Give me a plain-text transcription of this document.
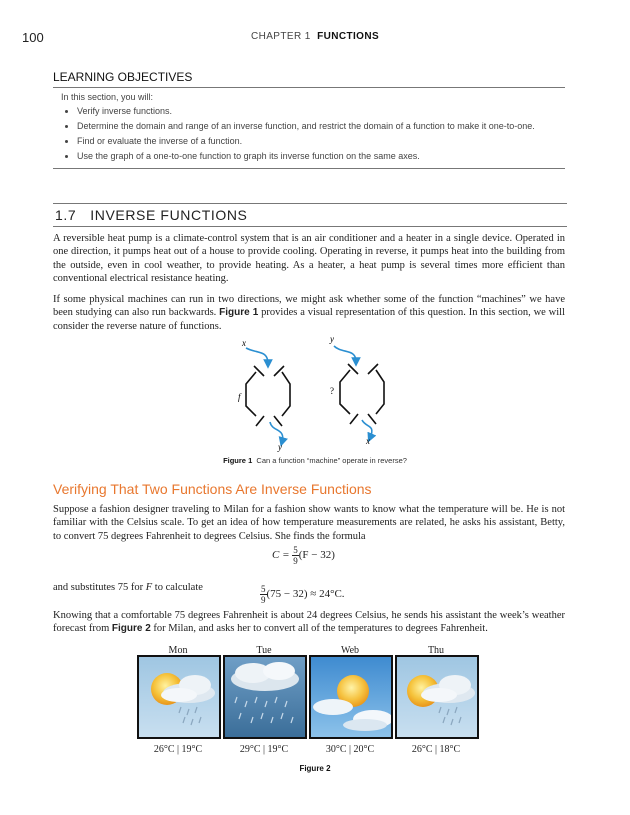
100	CHAPTER 1 FUNCTIONS
LEARNING OBJECTIVES
In this section, you will:
• Verify inverse functions.
• Determine the domain and range of an inverse function, and restrict the domain of a function to make it one-to-one.
• Find or evaluate the inverse of a function.
• Use the graph of a one-to-one function to graph its inverse function on the same axes.
1.7 INVERSE FUNCTIONS
A reversible heat pump is a climate-control system that is an air conditioner and a heater in a single device. Operated in one direction, it pumps heat out of a house to provide cooling. Operating in reverse, it pumps heat into the building from the outside, even in cool weather, to provide heating. As a heater, a heat pump is several times more efficient than conventional electrical resistance heating.
If some physical machines can run in two directions, we might ask whether some of the function “machines” we have been studying can also run backwards. Figure 1 provides a visual representation of this question. In this section, we will consider the reverse nature of functions.
x
f
y
y
?
x
Figure 1 Can a function “machine” operate in reverse?
Verifying That Two Functions Are Inverse Functions
Suppose a fashion designer traveling to Milan for a fashion show wants to know what the temperature will be. He is not familiar with the Celsius scale. To get an idea of how temperature measurements are related, he asks his assistant, Betty, to convert 75 degrees Fahrenheit to degrees Celsius. She finds the formula
$C = \frac{5}{9} (F - 32)$
and substitutes 75 for F to calculate	$\frac{5}{9} (75 - 32) \approx 24^\circ C$.
Knowing that a comfortable 75 degrees Fahrenheit is about 24 degrees Celsius, he sends his assistant the week’s weather forecast from Figure 2 for Milan, and asks her to convert all of the temperatures to degrees Fahrenheit.
Mon	Tue	Web	Thu
26°C | 19°C	29°C | 19°C	30°C | 20°C	26°C | 18°C
Figure 2
